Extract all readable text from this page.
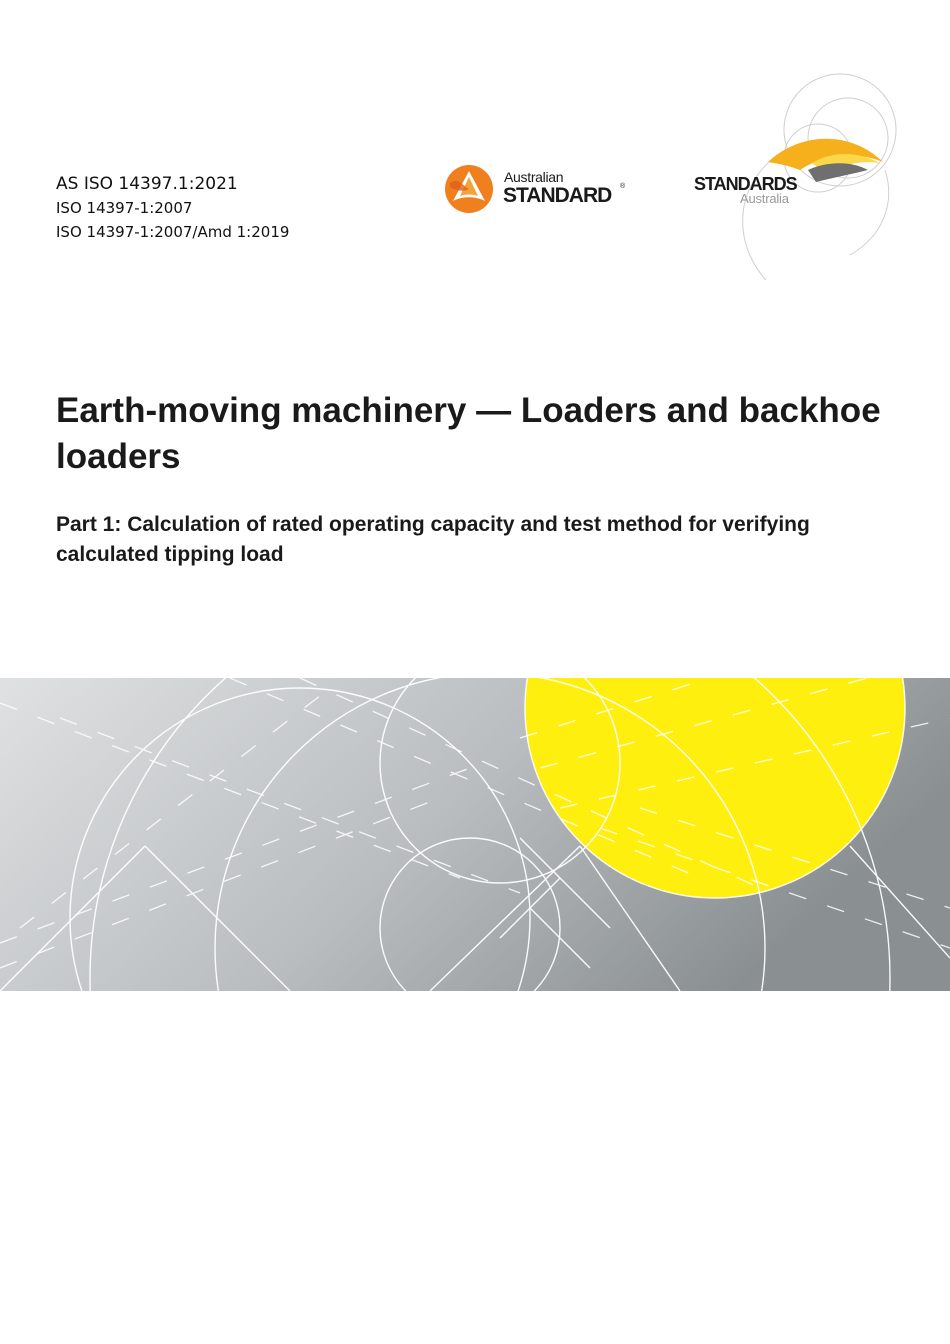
AS ISO 14397.1:2021
ISO 14397-1:2007
ISO 14397-1:2007/Amd 1:2019
Australian
STANDARD ®	STANDARDS
Australia
Earth-moving machinery — Loaders and backhoe loaders
Part 1: Calculation of rated operating capacity and test method for verifying calculated tipping load
